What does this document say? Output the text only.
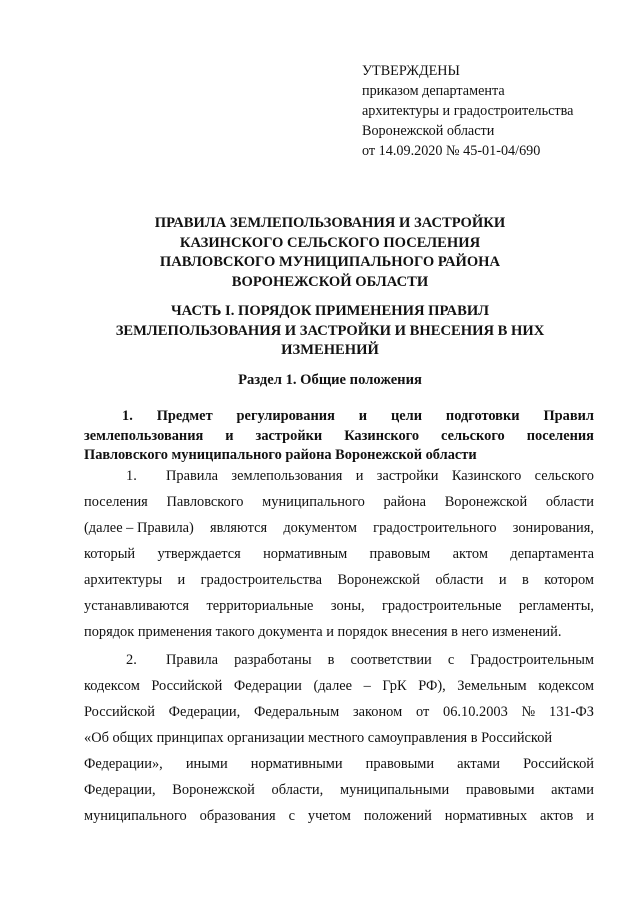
УТВЕРЖДЕНЫ
приказом департамента
архитектуры и градостроительства
Воронежской области
от 14.09.2020 № 45-01-04/690
ПРАВИЛА ЗЕМЛЕПОЛЬЗОВАНИЯ И ЗАСТРОЙКИ
КАЗИНСКОГО СЕЛЬСКОГО ПОСЕЛЕНИЯ
ПАВЛОВСКОГО МУНИЦИПАЛЬНОГО РАЙОНА
ВОРОНЕЖСКОЙ ОБЛАСТИ
ЧАСТЬ I. ПОРЯДОК ПРИМЕНЕНИЯ ПРАВИЛ
ЗЕМЛЕПОЛЬЗОВАНИЯ И ЗАСТРОЙКИ И ВНЕСЕНИЯ В НИХ
ИЗМЕНЕНИЙ
Раздел 1. Общие положения
1. Предмет регулирования и цели подготовки Правил
землепользования и застройки Казинского сельского поселения
Павловского муниципального района Воронежской области
1. Правила землепользования и застройки Казинского сельского
поселения Павловского муниципального района Воронежской области
(далее – Правила) являются документом градостроительного зонирования,
который утверждается нормативным правовым актом департамента
архитектуры и градостроительства Воронежской области и в котором
устанавливаются территориальные зоны, градостроительные регламенты,
порядок применения такого документа и порядок внесения в него изменений.
2. Правила разработаны в соответствии с Градостроительным
кодексом Российской Федерации (далее – ГрК РФ), Земельным кодексом
Российской Федерации, Федеральным законом от 06.10.2003 № 131-ФЗ
«Об общих принципах организации местного самоуправления в Российской
Федерации», иными нормативными правовыми актами Российской
Федерации, Воронежской области, муниципальными правовыми актами
муниципального образования с учетом положений нормативных актов и
